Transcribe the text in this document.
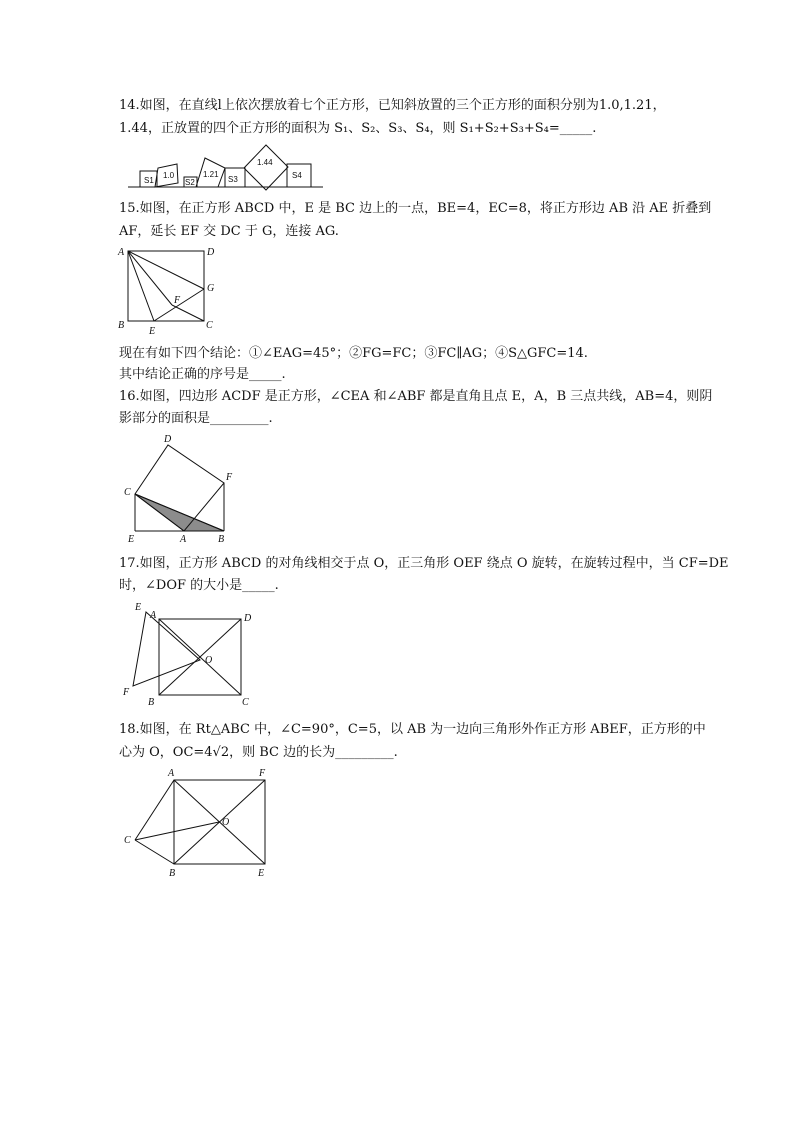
14.如图，在直线l上依次摆放着七个正方形，已知斜放置的三个正方形的面积分别为1.0,1.21，
1.44，正放置的四个正方形的面积为 S₁、S₂、S₃、S₄，则 S₁+S₂+S₃+S₄=_____.
S1
1.0
S2
1.21
S3
1.44
S4
15.如图，在正方形 ABCD 中，E 是 BC 边上的一点，BE=4，EC=8，将正方形边 AB 沿 AE 折叠到
AF，延长 EF 交 DC 于 G，连接 AG.
A	D
G
F
B
E
C
现在有如下四个结论：①∠EAG=45°；②FG=FC；③FC∥AG；④S△GFC=14.
其中结论正确的序号是_____.
16.如图，四边形 ACDF 是正方形，∠CEA 和∠ABF 都是直角且点 E，A，B 三点共线，AB=4，则阴
影部分的面积是_________.
D
F
C
E	A	B
17.如图，正方形 ABCD 的对角线相交于点 O，正三角形 OEF 绕点 O 旋转，在旋转过程中，当 CF=DE
时，∠DOF 的大小是_____.
E
A	D
O
F
B	C
18.如图，在 Rt△ABC 中，∠C=90°，C=5，以 AB 为一边向三角形外作正方形 ABEF，正方形的中
心为 O，OC=4√2，则 BC 边的长为_________.
A	F
O
C
B	E
